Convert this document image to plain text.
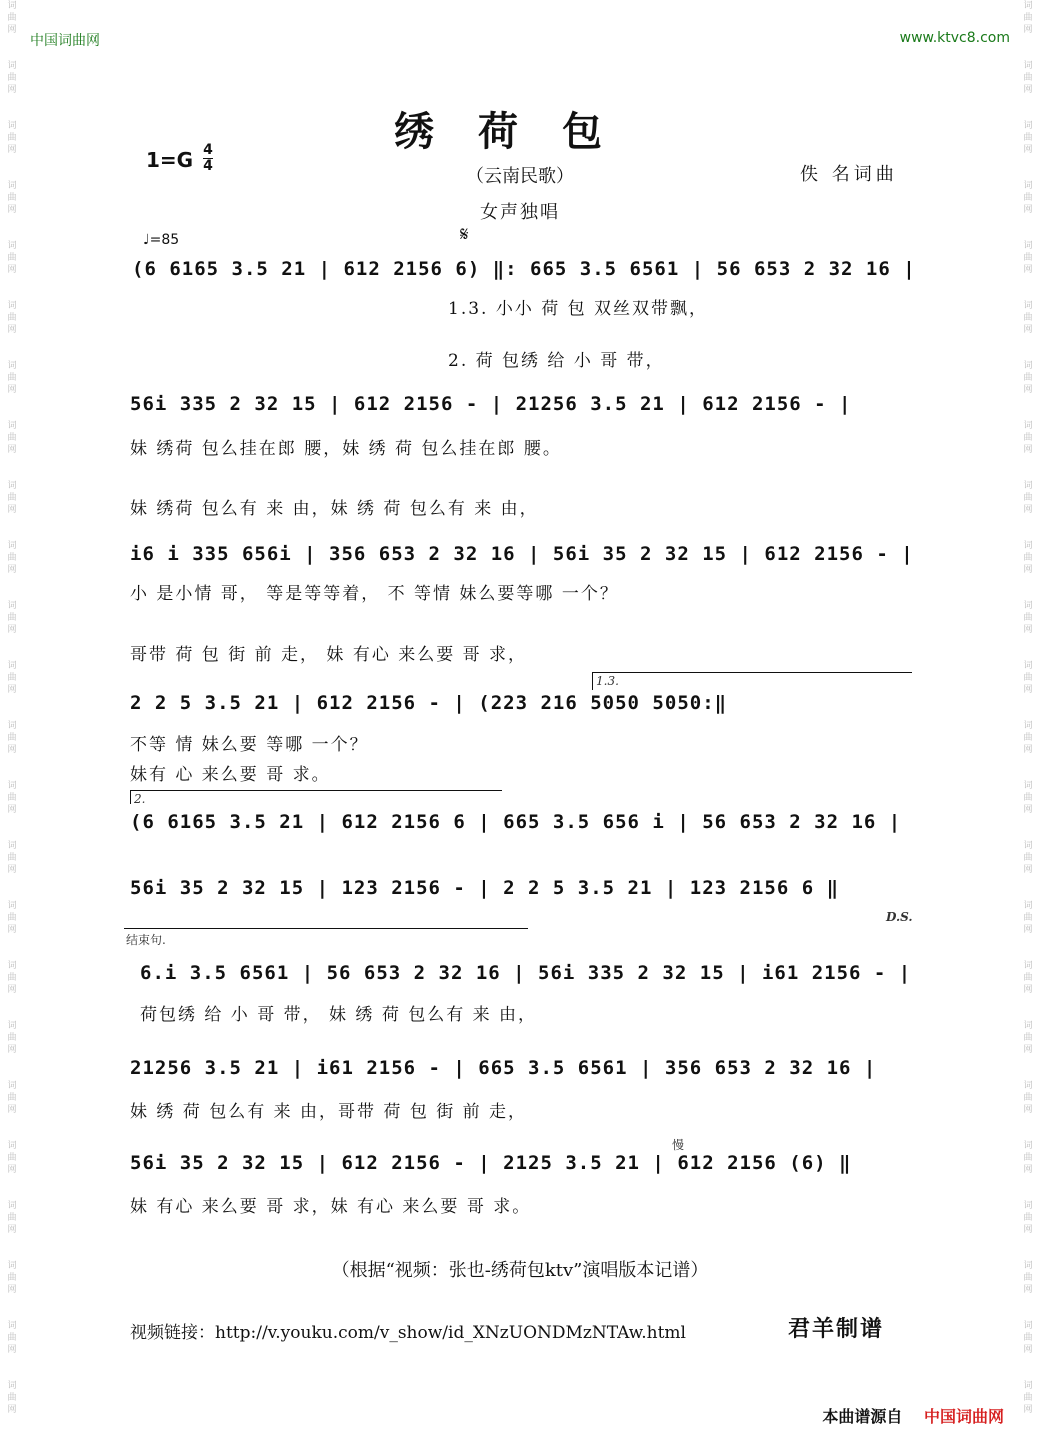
词
曲
网
词
曲
网
词
曲
网
词
曲
网
词
曲
网
词
曲
网
词
曲
网
词
曲
网
词
曲
网
词
曲
网
词
曲
网
词
曲
网
词
曲
网
词
曲
网
词
曲
网
词
曲
网
词
曲
网
词
曲
网
词
曲
网
词
曲
网
词
曲
网
词
曲
网
词
曲
网
词
曲
网
词
曲
网
词
曲
网
词
曲
网
词
曲
网
词
曲
网
词
曲
网
词
曲
网
词
曲
网
词
曲
网
词
曲
网
词
曲
网
词
曲
网
词
曲
网
词
曲
网
词
曲
网
词
曲
网
词
曲
网
词
曲
网
词
曲
网
词
曲
网
词
曲
网
词
曲
网
词
曲
网
词
曲
网
中国词曲网	www.ktvc8.com
绣荷包
1=G 4
4	（云南民歌）	佚 名词曲
女声独唱
♩=85	𝄋
(6 6165 3.5 21 | 612 2156 6) ‖: 665 3.5 6561 | 56 653 2 32 16 |
1.3. 小小 荷 包 双丝双带飘，
2. 荷 包绣 给 小 哥 带，
56i 335 2 32 15 | 612 2156 - | 21256 3.5 21 | 612 2156 - |
妹 绣荷 包么挂在郎 腰，妹 绣 荷 包么挂在郎 腰。
妹 绣荷 包么有 来 由，妹 绣 荷 包么有 来 由，
i6 i 335 656i | 356 653 2 32 16 | 56i 35 2 32 15 | 612 2156 - |
小 是小情 哥， 等是等等着， 不 等情 妹么要等哪 一个？
哥带 荷 包 街 前 走， 妹 有心 来么要 哥 求，
2 2 5 3.5 21 | 612 2156 - | (223 216 5050 5050:‖
不等 情 妹么要 等哪 一个？
妹有 心 来么要 哥 求。
(6 6165 3.5 21 | 612 2156 6 | 665 3.5 656 i | 56 653 2 32 16 |
56i 35 2 32 15 | 123 2156 - | 2 2 5 3.5 21 | 123 2156 6 ‖
D.S.
6.i 3.5 6561 | 56 653 2 32 16 | 56i 335 2 32 15 | i61 2156 - |
荷包绣 给 小 哥 带， 妹 绣 荷 包么有 来 由，
21256 3.5 21 | i61 2156 - | 665 3.5 6561 | 356 653 2 32 16 |
妹 绣 荷 包么有 来 由，哥带 荷 包 街 前 走，
56i 35 2 32 15 | 612 2156 - | 2125 3.5 21 | 612 2156 (6) ‖
慢
妹 有心 来么要 哥 求，妹 有心 来么要 哥 求。
1.3.
2.
结束句.
（根据“视频：张也-绣荷包ktv”演唱版本记谱）
视频链接：http://v.youku.com/v_show/id_XNzUONDMzNTAw.html	君羊制谱
本曲谱源自 中国词曲网
